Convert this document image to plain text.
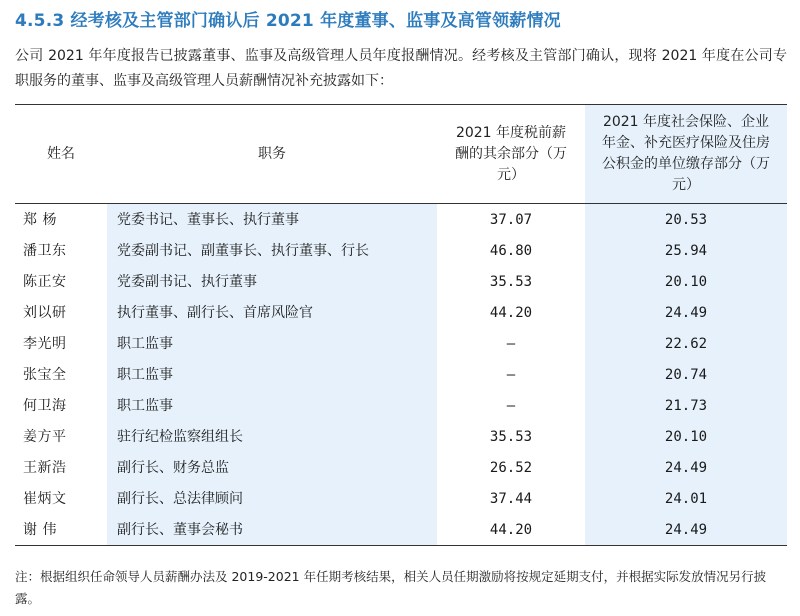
4.5.3 经考核及主管部门确认后 2021 年度董事、监事及高管领薪情况
公司 2021 年年度报告已披露董事、监事及高级管理人员年度报酬情况。经考核及主管部门确认，现将 2021 年度在公司专职服务的董事、监事及高级管理人员薪酬情况补充披露如下：
姓名	职务	2021 年度税前薪酬的其余部分（万元）	2021 年度社会保险、企业年金、补充医疗保险及住房公积金的单位缴存部分（万元）

郑 杨	党委书记、董事长、执行董事	37.07	20.53
潘卫东	党委副书记、副董事长、执行董事、行长	46.80	25.94
陈正安	党委副书记、执行董事	35.53	20.10
刘以研	执行董事、副行长、首席风险官	44.20	24.49
李光明	职工监事	–	22.62
张宝全	职工监事	–	20.74
何卫海	职工监事	–	21.73
姜方平	驻行纪检监察组组长	35.53	20.10
王新浩	副行长、财务总监	26.52	24.49
崔炳文	副行长、总法律顾问	37.44	24.01
谢 伟	副行长、董事会秘书	44.20	24.49
注：根据组织任命领导人员薪酬办法及 2019-2021 年任期考核结果，相关人员任期激励将按规定延期支付，并根据实际发放情况另行披露。
